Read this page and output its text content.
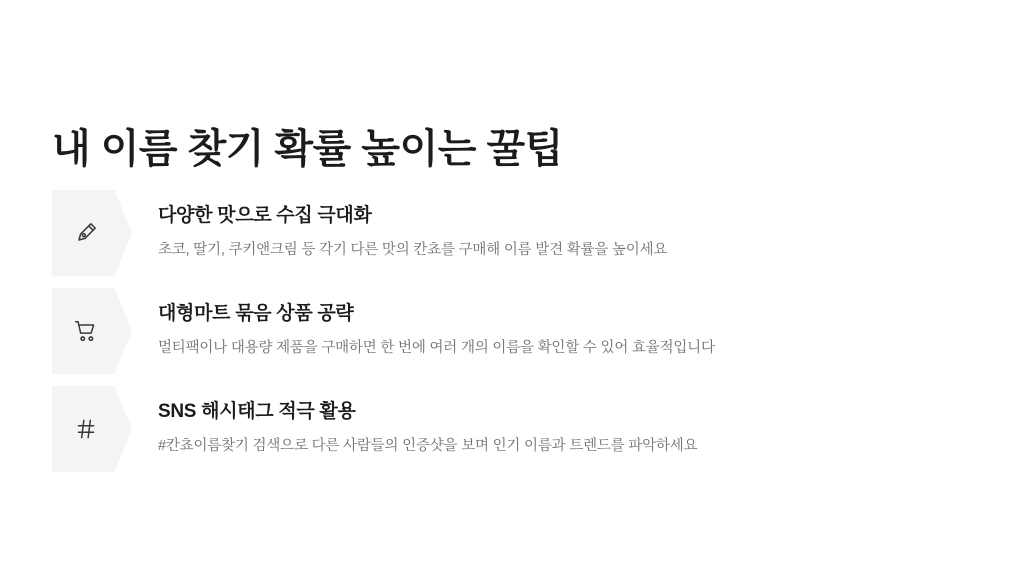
내 이름 찾기 확률 높이는 꿀팁
다양한 맛으로 수집 극대화
초코, 딸기, 쿠키앤크림 등 각기 다른 맛의 칸쵸를 구매해 이름 발견 확률을 높이세요
대형마트 묶음 상품 공략
멀티팩이나 대용량 제품을 구매하면 한 번에 여러 개의 이름을 확인할 수 있어 효율적입니다
SNS 해시태그 적극 활용
#칸쵸이름찾기 검색으로 다른 사람들의 인증샷을 보며 인기 이름과 트렌드를 파악하세요
